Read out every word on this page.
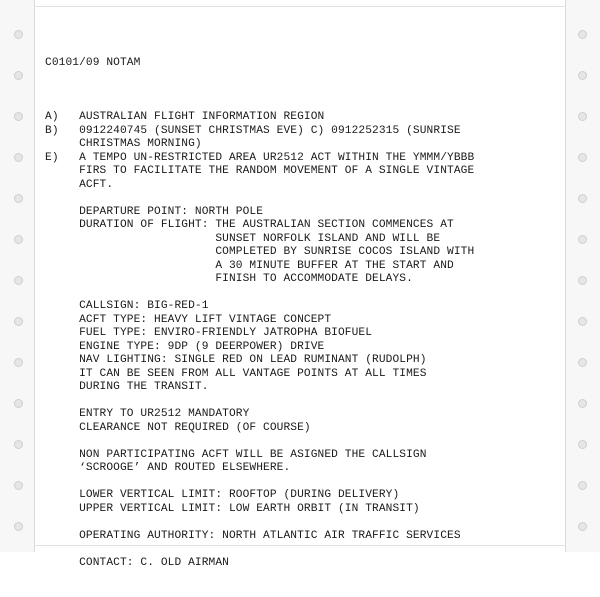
C0101/09 NOTAM

A)   AUSTRALIAN FLIGHT INFORMATION REGION
B)   0912240745 (SUNSET CHRISTMAS EVE) C) 0912252315 (SUNRISE
CHRISTMAS MORNING)
E)   A TEMPO UN-RESTRICTED AREA UR2512 ACT WITHIN THE YMMM/YBBB
FIRS TO FACILITATE THE RANDOM MOVEMENT OF A SINGLE VINTAGE
ACFT.

DEPARTURE POINT: NORTH POLE
DURATION OF FLIGHT: THE AUSTRALIAN SECTION COMMENCES AT
SUNSET NORFOLK ISLAND AND WILL BE
COMPLETED BY SUNRISE COCOS ISLAND WITH
A 30 MINUTE BUFFER AT THE START AND
FINISH TO ACCOMMODATE DELAYS.

CALLSIGN: BIG-RED-1
ACFT TYPE: HEAVY LIFT VINTAGE CONCEPT
FUEL TYPE: ENVIRO-FRIENDLY JATROPHA BIOFUEL
ENGINE TYPE: 9DP (9 DEERPOWER) DRIVE
NAV LIGHTING: SINGLE RED ON LEAD RUMINANT (RUDOLPH)
IT CAN BE SEEN FROM ALL VANTAGE POINTS AT ALL TIMES
DURING THE TRANSIT.

ENTRY TO UR2512 MANDATORY
CLEARANCE NOT REQUIRED (OF COURSE)

NON PARTICIPATING ACFT WILL BE ASIGNED THE CALLSIGN
‘SCROOGE’ AND ROUTED ELSEWHERE.

LOWER VERTICAL LIMIT: ROOFTOP (DURING DELIVERY)
UPPER VERTICAL LIMIT: LOW EARTH ORBIT (IN TRANSIT)

OPERATING AUTHORITY: NORTH ATLANTIC AIR TRAFFIC SERVICES

CONTACT: C. OLD AIRMAN
